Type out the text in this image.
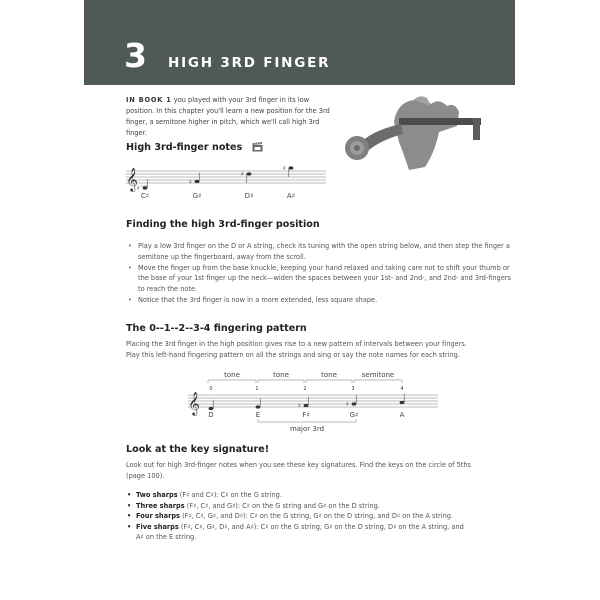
3 HIGH 3RD FINGER
IN BOOK 1 you played with your 3rd finger in its low position. In this chapter you'll learn a new position for the 3rd finger, a semitone higher in pitch, which we'll call high 3rd finger.
High 3rd-finger notes
𝄞 ♯
♯
♯
♯
C♯	G♯	D♯	A♯
Finding the high 3rd-finger position
• Play a low 3rd finger on the D or A string, check its tuning with the open string below, and then step the finger a semitone up the fingerboard, away from the scroll.
• Move the finger up from the base knuckle, keeping your hand relaxed and taking care not to shift your thumb or the base of your 1st finger up the neck—widen the spaces between your 1st- and 2nd-, and 2nd- and 3rd-fingers to reach the note.
• Notice that the 3rd finger is now in a more extended, less square shape.
The 0--1--2--3-4 fingering pattern
Placing the 3rd finger in the high position gives rise to a new pattern of intervals between your fingers. Play this left-hand fingering pattern on all the strings and sing or say the note names for each string.
0	1	2	3	4
𝄞	♯	♯
tone	tone	tone	semitone
D	E	F♯	G♯	A
major 3rd
Look at the key signature!
Look out for high 3rd-finger notes when you see these key signatures. Find the keys on the circle of 5ths (page 100).
• Two sharps (F♯ and C♯): C♯ on the G string.
• Three sharps (F♯, C♯, and G♯): C♯ on the G string and G♯ on the D string.
• Four sharps (F♯, C♯, G♯, and D♯): C♯ on the G string, G♯ on the D string, and D♯ on the A string.
• Five sharps (F♯, C♯, G♯, D♯, and A♯): C♯ on the G string, G♯ on the D string, D♯ on the A string, and A♯ on the E string.
